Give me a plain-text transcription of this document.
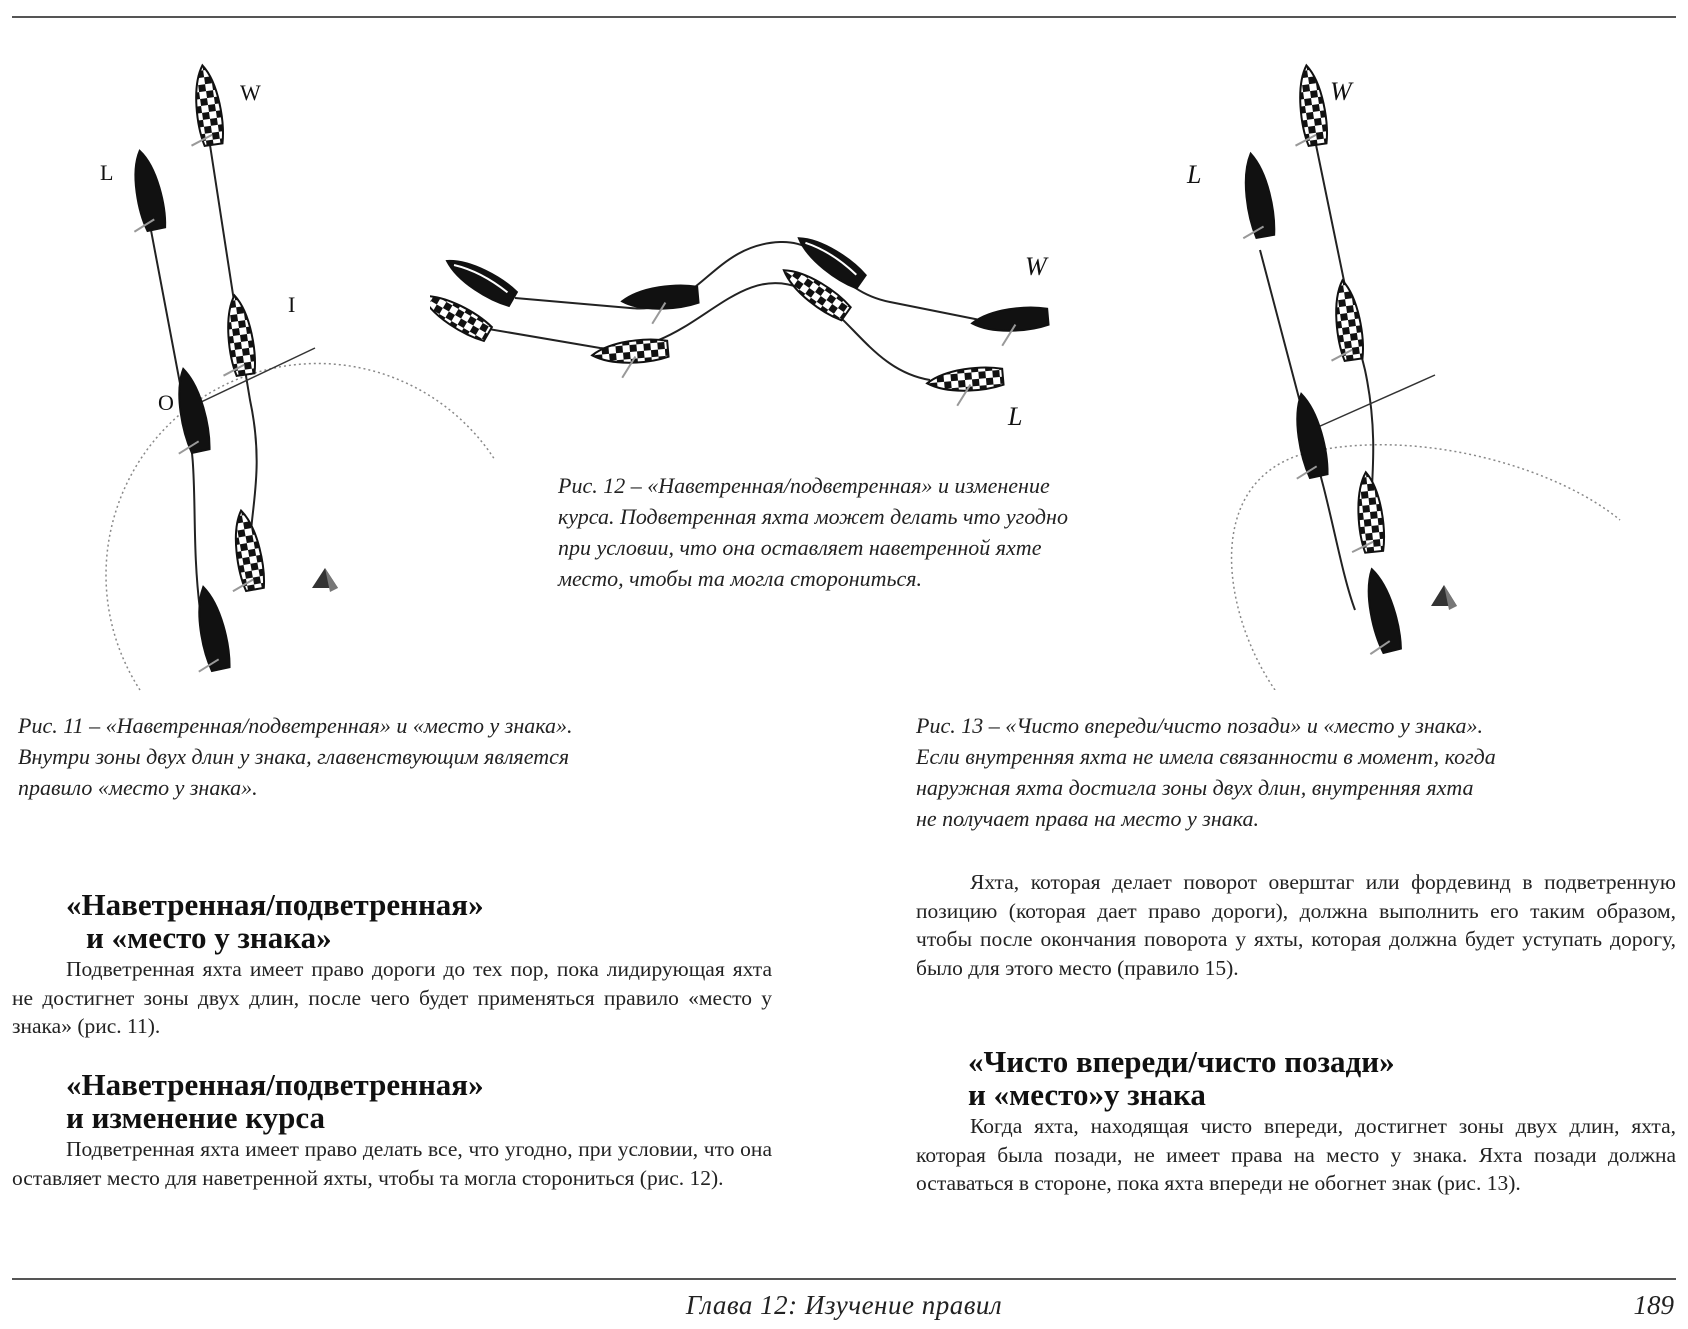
W
L
I
O

Рис. 11 – «Наветренная/подветренная» и «место у знака».

Внутри зоны двух длин у знака, главенствующим является

правило «место у знака».

W
L

Рис. 12 – «Наветренная/подветренная» и изменение

курса. Подветренная яхта может делать что угодно

при условии, что она оставляет наветренной яхте

место, чтобы та могла сторониться.

W
L

Рис. 13 – «Чисто впереди/чисто позади» и «место у знака».

Если внутренняя яхта не имела связанности в момент, когда

наружная яхта достигла зоны двух длин, внутренняя яхта

не получает права на место у знака.

«Наветренная/подветренная»
и «место у знака»

Подветренная яхта имеет право дороги до тех пор, пока лидирующая яхта не достигнет зоны двух длин, после чего будет применяться правило «место у знака» (рис. 11).

«Наветренная/подветренная»
и изменение курса

Подветренная яхта имеет право делать все, что угодно, при условии, что она оставляет место для наветренной яхты, чтобы та могла сторониться (рис. 12).

Яхта, которая делает поворот оверштаг или фордевинд в подветренную позицию (которая дает право дороги), должна выполнить его таким образом, чтобы после окончания поворота у яхты, которая должна будет уступать дорогу, было для этого место (правило 15).

«Чисто впереди/чисто позади»
и «место»у знака

Когда яхта, находящая чисто впереди, достигнет зоны двух длин, яхта, которая была позади, не имеет права на место у знака. Яхта позади должна оставаться в стороне, пока яхта впереди не обогнет знак (рис. 13).

Глава 12: Изучение правил	189
